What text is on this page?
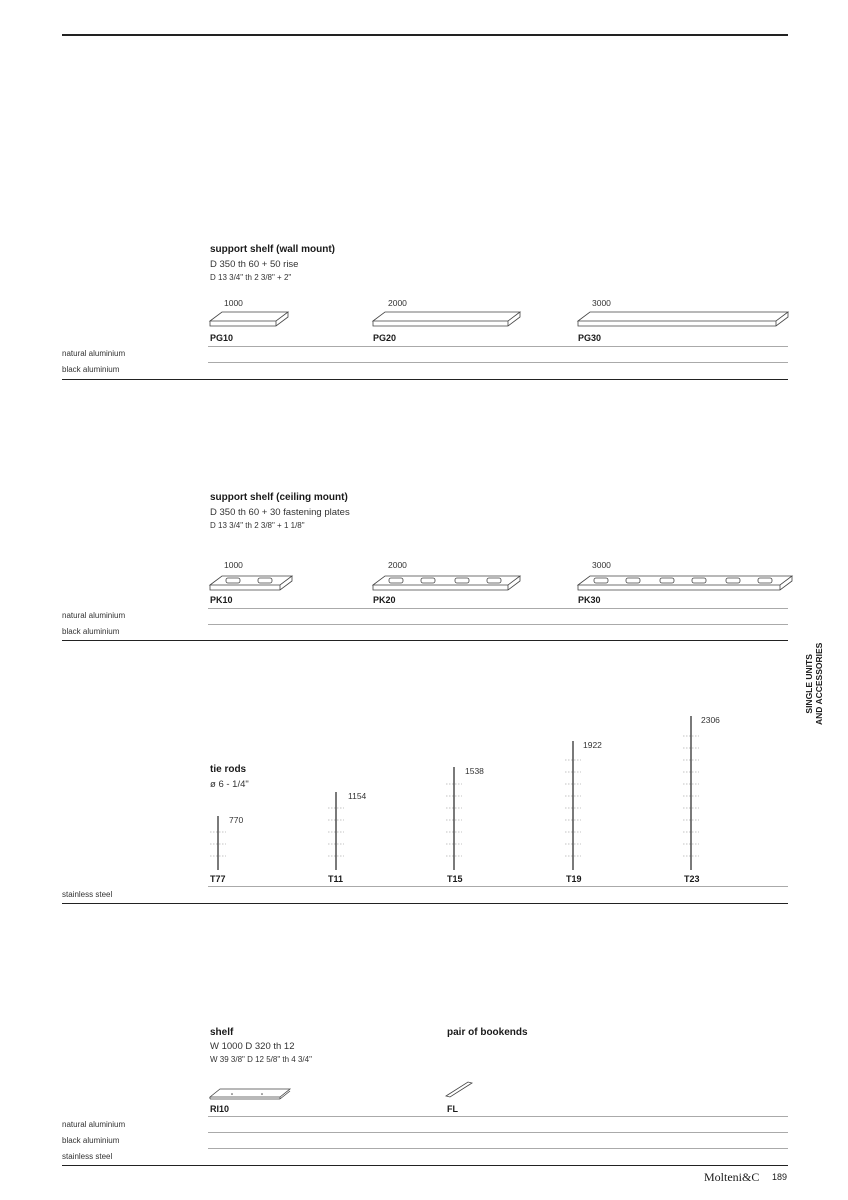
support shelf (wall mount)
D 350 th 60 + 50 rise
D 13 3/4" th 2 3/8" + 2"
1000	2000	3000
PG10	PG20	PG30
natural aluminium
black aluminium
support shelf (ceiling mount)
D 350 th 60 + 30 fastening plates
D 13 3/4" th 2 3/8" + 1 1/8"
1000	2000	3000
PK10	PK20	PK30
natural aluminium
black aluminium
tie rods
ø 6 - 1/4"
770
1154
1538
1922
2306
T77	T11	T15	T19	T23
stainless steel
shelf
W 1000 D 320 th 12
W 39 3/8" D 12 5/8" th 4 3/4"
pair of bookends
RI10	FL
natural aluminium
black aluminium
stainless steel
SINGLE UNITS AND ACCESSORIES
Molteni&C 189
